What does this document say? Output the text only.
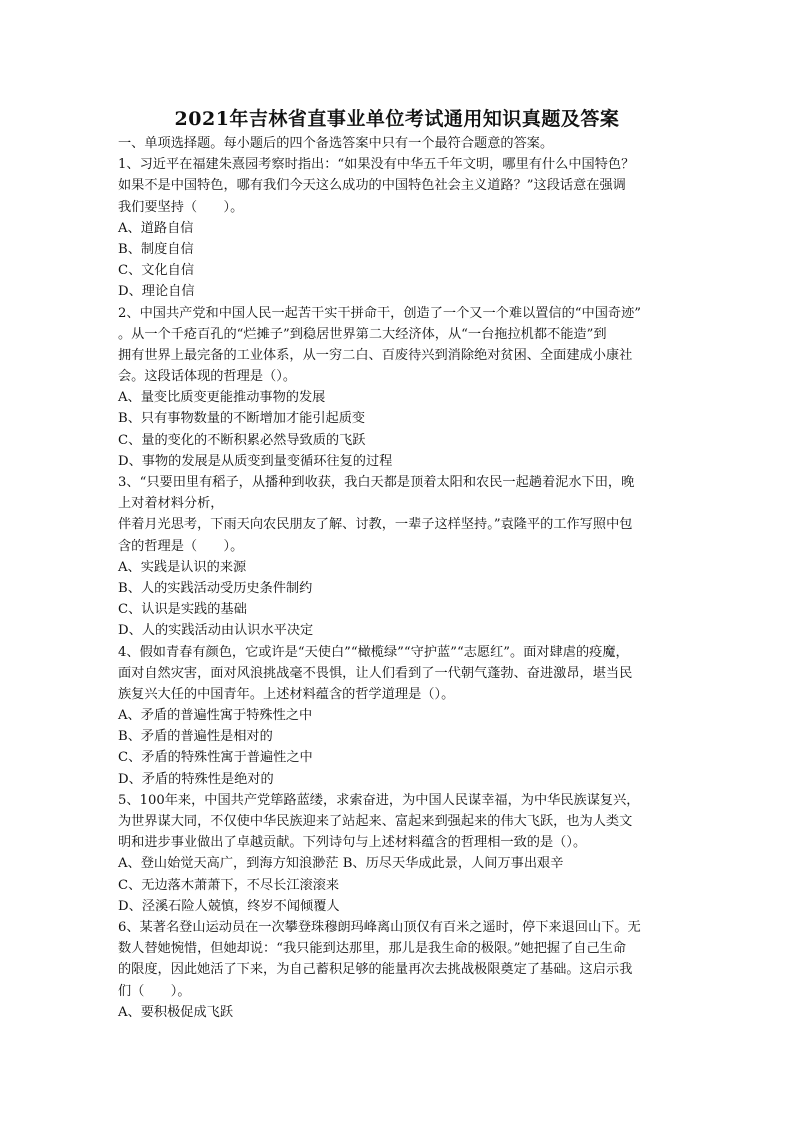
2021年吉林省直事业单位考试通用知识真题及答案
一、单项选择题。每小题后的四个备选答案中只有一个最符合题意的答案。
1、习近平在福建朱熹园考察时指出：“如果没有中华五千年文明，哪里有什么中国特色？
如果不是中国特色，哪有我们今天这么成功的中国特色社会主义道路？”这段话意在强调
我们要坚持（　　）。
A、道路自信
B、制度自信
C、文化自信
D、理论自信
2、中国共产党和中国人民一起苦干实干拼命干，创造了一个又一个难以置信的“中国奇迹”
。从一个千疮百孔的“烂摊子”到稳居世界第二大经济体，从“一台拖拉机都不能造”到
拥有世界上最完备的工业体系，从一穷二白、百废待兴到消除绝对贫困、全面建成小康社
会。这段话体现的哲理是（）。
A、量变比质变更能推动事物的发展
B、只有事物数量的不断增加才能引起质变
C、量的变化的不断积累必然导致质的飞跃
D、事物的发展是从质变到量变循环往复的过程
3、“只要田里有稻子，从播种到收获，我白天都是顶着太阳和农民一起趟着泥水下田，晚
上对着材料分析，
伴着月光思考，下雨天向农民朋友了解、讨教，一辈子这样坚持。”袁隆平的工作写照中包
含的哲理是（　　）。
A、实践是认识的来源
B、人的实践活动受历史条件制约
C、认识是实践的基础
D、人的实践活动由认识水平决定
4、假如青春有颜色，它或许是“天使白”“橄榄绿”“守护蓝”“志愿红”。面对肆虐的疫魔，
面对自然灾害，面对风浪挑战毫不畏惧，让人们看到了一代朝气蓬勃、奋进激昂，堪当民
族复兴大任的中国青年。上述材料蕴含的哲学道理是（）。
A、矛盾的普遍性寓于特殊性之中
B、矛盾的普遍性是相对的
C、矛盾的特殊性寓于普遍性之中
D、矛盾的特殊性是绝对的
5、100年来，中国共产党筚路蓝缕，求索奋进，为中国人民谋幸福，为中华民族谋复兴，
为世界谋大同，不仅使中华民族迎来了站起来、富起来到强起来的伟大飞跃，也为人类文
明和进步事业做出了卓越贡献。下列诗句与上述材料蕴含的哲理相一致的是（）。
A、登山始觉天高广，到海方知浪渺茫 B、历尽天华成此景，人间万事出艰辛
C、无边落木萧萧下，不尽长江滚滚来
D、泾溪石险人兢慎，终岁不闻倾覆人
6、某著名登山运动员在一次攀登珠穆朗玛峰离山顶仅有百米之遥时，停下来退回山下。无
数人替她惋惜，但她却说：“我只能到达那里，那儿是我生命的极限。”她把握了自己生命
的限度，因此她活了下来，为自己蓄积足够的能量再次去挑战极限奠定了基础。这启示我
们（　　）。
A、要积极促成飞跃
